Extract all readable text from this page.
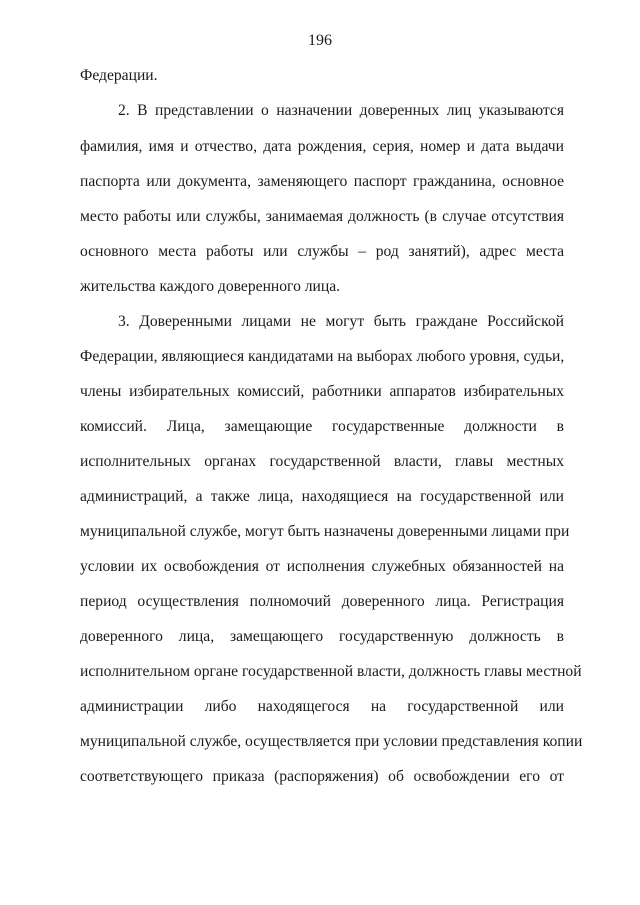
196
Федерации.
2. В представлении о назначении доверенных лиц указываются
фамилия, имя и отчество, дата рождения, серия, номер и дата выдачи
паспорта или документа, заменяющего паспорт гражданина, основное
место работы или службы, занимаемая должность (в случае отсутствия
основного места работы или службы – род занятий), адрес места
жительства каждого доверенного лица.
3. Доверенными лицами не могут быть граждане Российской
Федерации, являющиеся кандидатами на выборах любого уровня, судьи,
члены избирательных комиссий, работники аппаратов избирательных
комиссий. Лица, замещающие государственные должности в
исполнительных органах государственной власти, главы местных
администраций, а также лица, находящиеся на государственной или
муниципальной службе, могут быть назначены доверенными лицами при
условии их освобождения от исполнения служебных обязанностей на
период осуществления полномочий доверенного лица. Регистрация
доверенного лица, замещающего государственную должность в
исполнительном органе государственной власти, должность главы местной
администрации либо находящегося на государственной или
муниципальной службе, осуществляется при условии представления копии
соответствующего приказа (распоряжения) об освобождении его от
